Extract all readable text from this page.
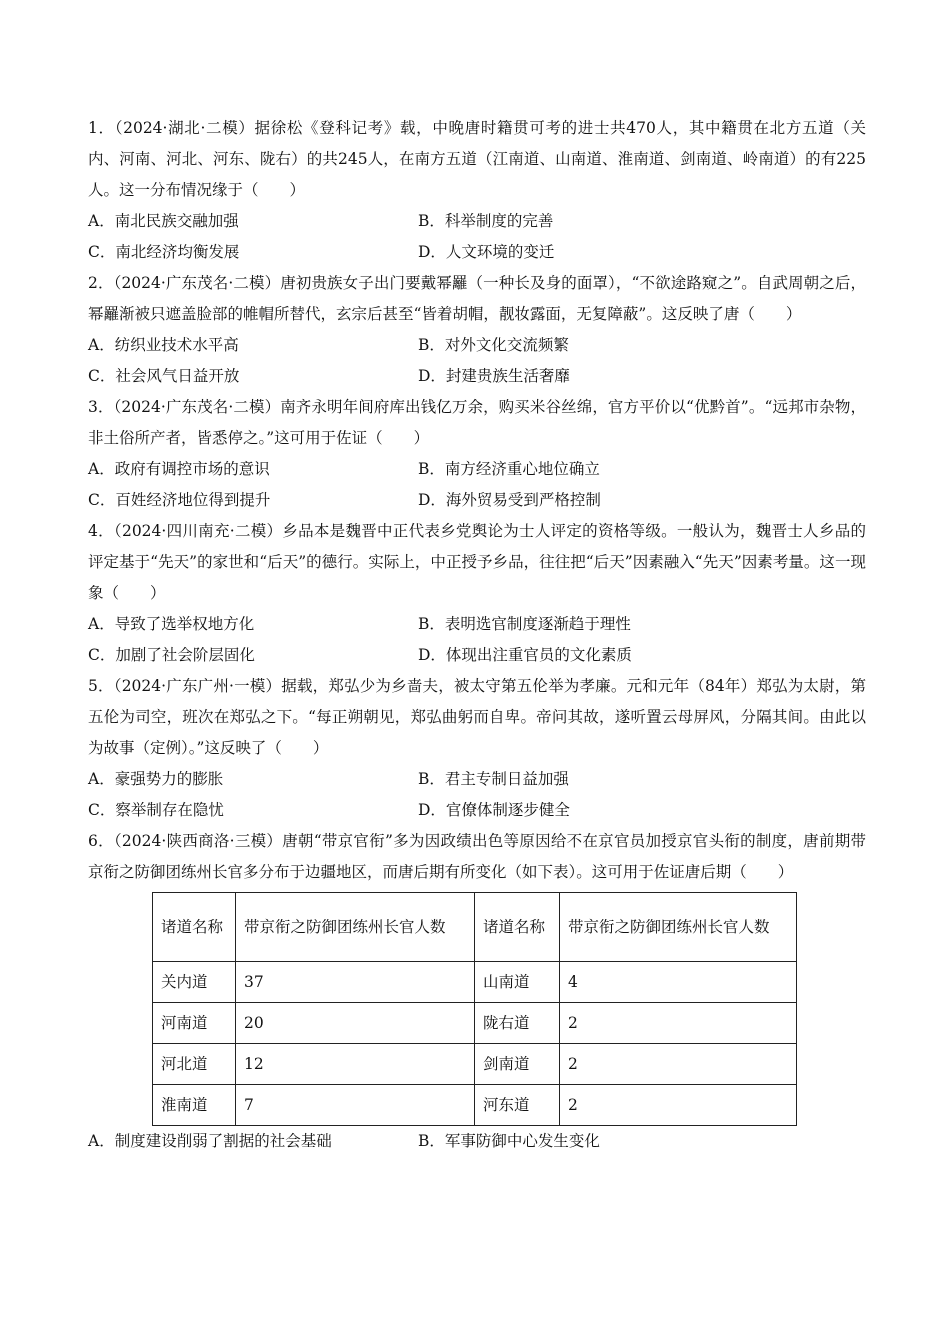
1．（2024·湖北·二模）据徐松《登科记考》载，中晚唐时籍贯可考的进士共470人，其中籍贯在北方五道（关内、河南、河北、河东、陇右）的共245人，在南方五道（江南道、山南道、淮南道、剑南道、岭南道）的有225人。这一分布情况缘于（　　）

A．南北民族交融加强	B．科举制度的完善
C．南北经济均衡发展	D．人文环境的变迁

2．（2024·广东茂名·二模）唐初贵族女子出门要戴幂䍦（一种长及身的面罩），“不欲途路窥之”。自武周朝之后，幂䍦渐被只遮盖脸部的帷帽所替代，玄宗后甚至“皆着胡帽，靓妆露面，无复障蔽”。这反映了唐（　　）

A．纺织业技术水平高	B．对外文化交流频繁
C．社会风气日益开放	D．封建贵族生活奢靡

3．（2024·广东茂名·二模）南齐永明年间府库出钱亿万余，购买米谷丝绵，官方平价以“优黔首”。“远邦市杂物，非土俗所产者，皆悉停之。”这可用于佐证（　　）

A．政府有调控市场的意识	B．南方经济重心地位确立
C．百姓经济地位得到提升	D．海外贸易受到严格控制

4．（2024·四川南充·二模）乡品本是魏晋中正代表乡党舆论为士人评定的资格等级。一般认为，魏晋士人乡品的评定基于“先天”的家世和“后天”的德行。实际上，中正授予乡品，往往把“后天”因素融入“先天”因素考量。这一现象（　　）

A．导致了选举权地方化	B．表明选官制度逐渐趋于理性
C．加剧了社会阶层固化	D．体现出注重官员的文化素质

5．（2024·广东广州·一模）据载，郑弘少为乡啬夫，被太守第五伦举为孝廉。元和元年（84年）郑弘为太尉，第五伦为司空，班次在郑弘之下。“每正朔朝见，郑弘曲躬而自卑。帝问其故，遂听置云母屏风，分隔其间。由此以为故事（定例）。”这反映了（　　）

A．豪强势力的膨胀	B．君主专制日益加强
C．察举制存在隐忧	D．官僚体制逐步健全

6．（2024·陕西商洛·三模）唐朝“带京官衔”多为因政绩出色等原因给不在京官员加授京官头衔的制度，唐前期带京衔之防御团练州长官多分布于边疆地区，而唐后期有所变化（如下表）。这可用于佐证唐后期（　　）

诸道名称	带京衔之防御团练州长官人数	诸道名称	带京衔之防御团练州长官人数
关内道	37	山南道	4
河南道	20	陇右道	2
河北道	12	剑南道	2
淮南道	7	河东道	2
A．制度建设削弱了割据的社会基础	B．军事防御中心发生变化
